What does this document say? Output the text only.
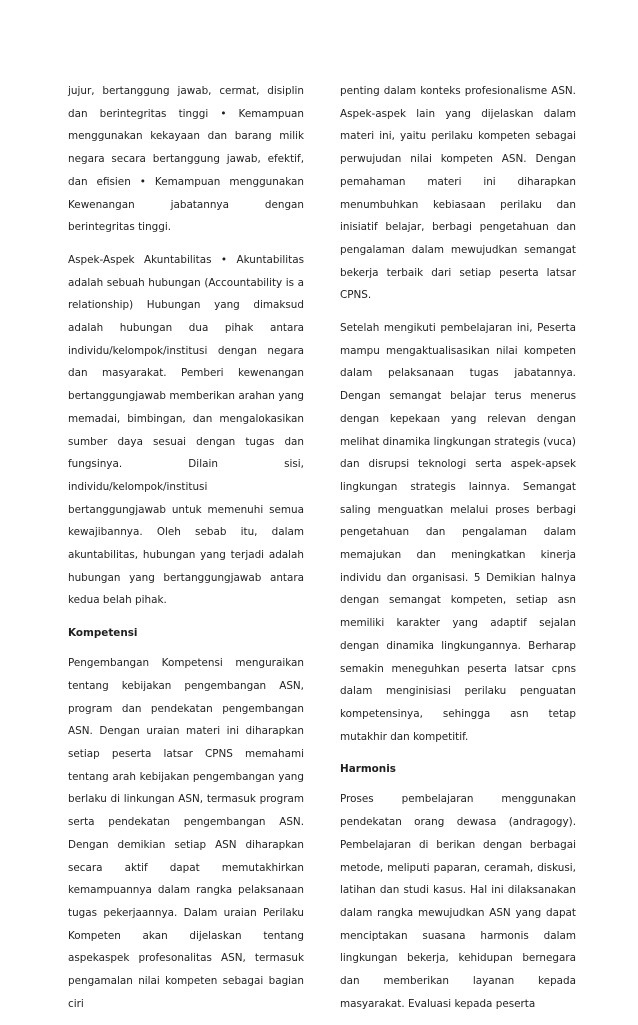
jujur, bertanggung jawab, cermat, disiplin dan berintegritas tinggi • Kemampuan menggunakan kekayaan dan barang milik negara secara bertanggung jawab, efektif, dan efisien • Kemampuan menggunakan Kewenangan jabatannya dengan berintegritas tinggi.

Aspek-Aspek Akuntabilitas • Akuntabilitas adalah sebuah hubungan (Accountability is a relationship) Hubungan yang dimaksud adalah hubungan dua pihak antara individu/kelompok/institusi dengan negara dan masyarakat. Pemberi kewenangan bertanggungjawab memberikan arahan yang memadai, bimbingan, dan mengalokasikan sumber daya sesuai dengan tugas dan fungsinya. Dilain sisi, individu/kelompok/institusi bertanggungjawab untuk memenuhi semua kewajibannya. Oleh sebab itu, dalam akuntabilitas, hubungan yang terjadi adalah hubungan yang bertanggungjawab antara kedua belah pihak.

Kompetensi

Pengembangan Kompetensi menguraikan tentang kebijakan pengembangan ASN, program dan pendekatan pengembangan ASN. Dengan uraian materi ini diharapkan setiap peserta latsar CPNS memahami tentang arah kebijakan pengembangan yang berlaku di linkungan ASN, termasuk program serta pendekatan pengembangan ASN. Dengan demikian setiap ASN diharapkan secara aktif dapat memutakhirkan kemampuannya dalam rangka pelaksanaan tugas pekerjaannya. Dalam uraian Perilaku Kompeten akan dijelaskan tentang aspekaspek profesonalitas ASN, termasuk pengamalan nilai kompeten sebagai bagian ciri

penting dalam konteks profesionalisme ASN. Aspek-aspek lain yang dijelaskan dalam materi ini, yaitu perilaku kompeten sebagai perwujudan nilai kompeten ASN. Dengan pemahaman materi ini diharapkan menumbuhkan kebiasaan perilaku dan inisiatif belajar, berbagi pengetahuan dan pengalaman dalam mewujudkan semangat bekerja terbaik dari setiap peserta latsar CPNS.

Setelah mengikuti pembelajaran ini, Peserta mampu mengaktualisasikan nilai kompeten dalam pelaksanaan tugas jabatannya. Dengan semangat belajar terus menerus dengan kepekaan yang relevan dengan melihat dinamika lingkungan strategis (vuca) dan disrupsi teknologi serta aspek-apsek lingkungan strategis lainnya. Semangat saling menguatkan melalui proses berbagi pengetahuan dan pengalaman dalam memajukan dan meningkatkan kinerja individu dan organisasi. 5 Demikian halnya dengan semangat kompeten, setiap asn memiliki karakter yang adaptif sejalan dengan dinamika lingkungannya. Berharap semakin meneguhkan peserta latsar cpns dalam menginisiasi perilaku penguatan kompetensinya, sehingga asn tetap mutakhir dan kompetitif.

Harmonis

Proses pembelajaran menggunakan pendekatan orang dewasa (andragogy). Pembelajaran di berikan dengan berbagai metode, meliputi paparan, ceramah, diskusi, latihan dan studi kasus. Hal ini dilaksanakan dalam rangka mewujudkan ASN yang dapat menciptakan suasana harmonis dalam lingkungan bekerja, kehidupan bernegara dan memberikan layanan kepada masyarakat. Evaluasi kepada peserta
